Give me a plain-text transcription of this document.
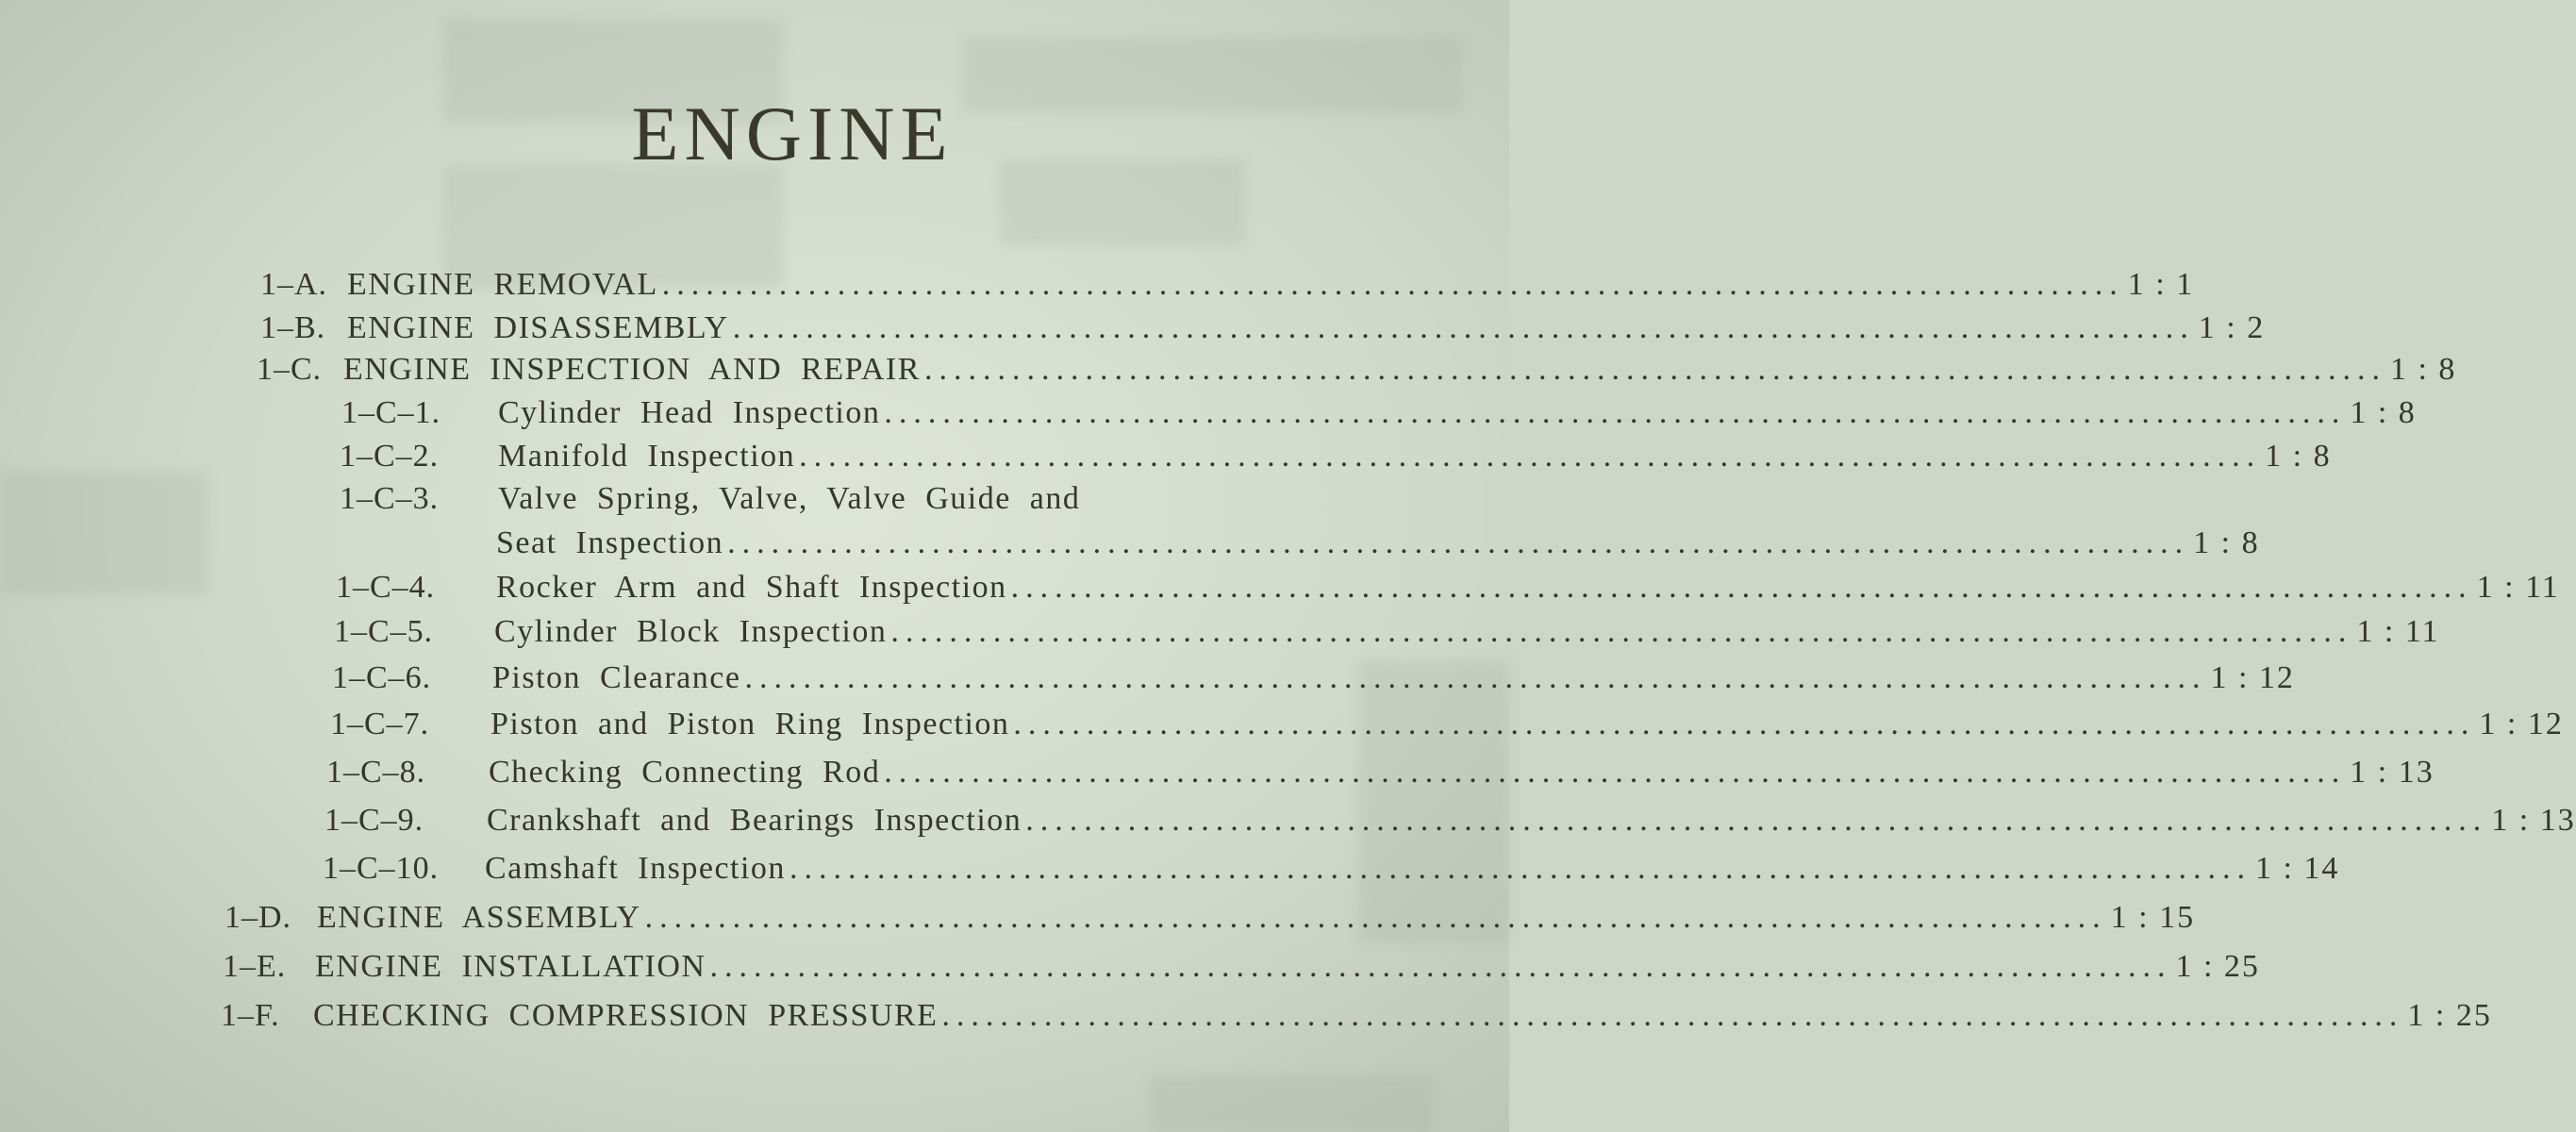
ENGINE
1–A. ENGINE REMOVAL .................................................................................................... 1 : 1
1–B. ENGINE DISASSEMBLY .................................................................................................... 1 : 2
1–C. ENGINE INSPECTION AND REPAIR .................................................................................................... 1 : 8
1–C–1.	Cylinder Head Inspection .................................................................................................... 1 : 8
1–C–2.	Manifold Inspection .................................................................................................... 1 : 8
1–C–3.	Valve Spring, Valve, Valve Guide and
Seat Inspection .................................................................................................... 1 : 8
1–C–4.	Rocker Arm and Shaft Inspection .................................................................................................... 1 : 11
1–C–5.	Cylinder Block Inspection .................................................................................................... 1 : 11
1–C–6.	Piston Clearance .................................................................................................... 1 : 12
1–C–7.	Piston and Piston Ring Inspection .................................................................................................... 1 : 12
1–C–8.	Checking Connecting Rod .................................................................................................... 1 : 13
1–C–9.	Crankshaft and Bearings Inspection .................................................................................................... 1 : 13
1–C–10.	Camshaft Inspection .................................................................................................... 1 : 14
1–D. ENGINE ASSEMBLY .................................................................................................... 1 : 15
1–E. ENGINE INSTALLATION .................................................................................................... 1 : 25
1–F.	CHECKING COMPRESSION PRESSURE .................................................................................................... 1 : 25
